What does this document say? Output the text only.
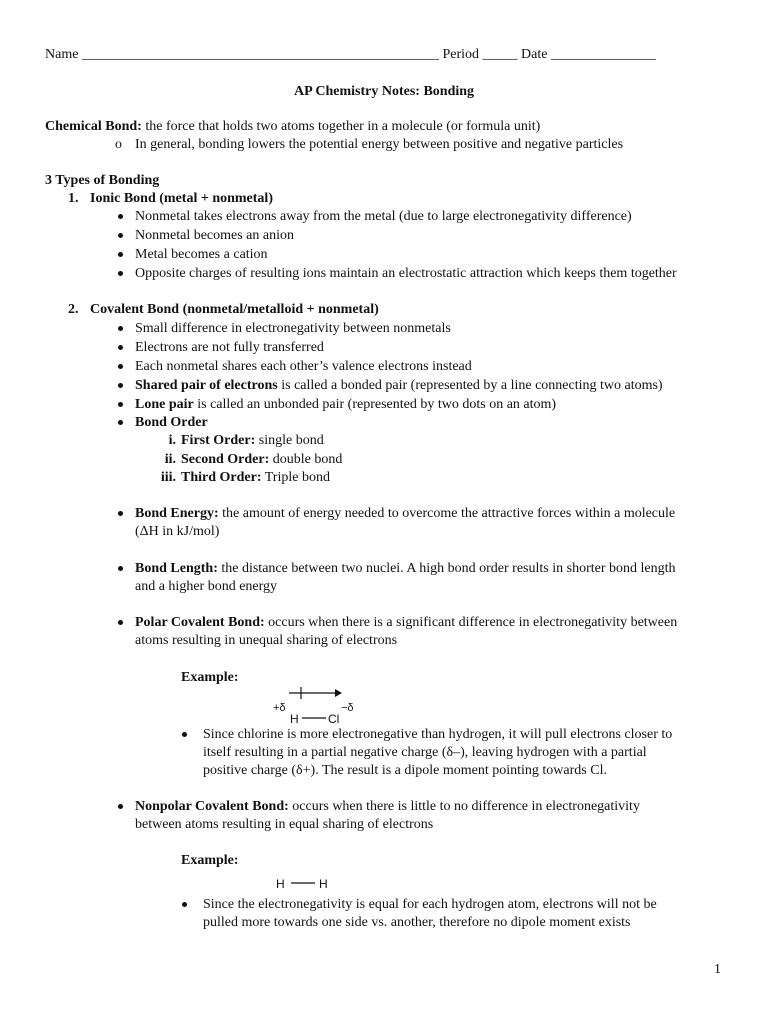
Name ___________________________________________________ Period _____ Date _______________
AP Chemistry Notes: Bonding
Chemical Bond: the force that holds two atoms together in a molecule (or formula unit)
o In general, bonding lowers the potential energy between positive and negative particles
3 Types of Bonding
1. Ionic Bond (metal + nonmetal)
Nonmetal takes electrons away from the metal (due to large electronegativity difference)
Nonmetal becomes an anion
Metal becomes a cation
Opposite charges of resulting ions maintain an electrostatic attraction which keeps them together
2. Covalent Bond (nonmetal/metalloid + nonmetal)
Small difference in electronegativity between nonmetals
Electrons are not fully transferred
Each nonmetal shares each other’s valence electrons instead
Shared pair of electrons is called a bonded pair (represented by a line connecting two atoms)
Lone pair is called an unbonded pair (represented by two dots on an atom)
Bond Order
i. First Order: single bond
ii. Second Order: double bond
iii. Third Order: Triple bond
Bond Energy: the amount of energy needed to overcome the attractive forces within a molecule
(ΔH in kJ/mol)
Bond Length: the distance between two nuclei. A high bond order results in shorter bond length
and a higher bond energy
Polar Covalent Bond: occurs when there is a significant difference in electronegativity between
atoms resulting in unequal sharing of electrons
Example:
+δ
H Cl
−δ
Since chlorine is more electronegative than hydrogen, it will pull electrons closer to
itself resulting in a partial negative charge (δ–), leaving hydrogen with a partial
positive charge (δ+). The result is a dipole moment pointing towards Cl.
Nonpolar Covalent Bond: occurs when there is little to no difference in electronegativity
between atoms resulting in equal sharing of electrons
Example:
H	H
Since the electronegativity is equal for each hydrogen atom, electrons will not be
pulled more towards one side vs. another, therefore no dipole moment exists
1
